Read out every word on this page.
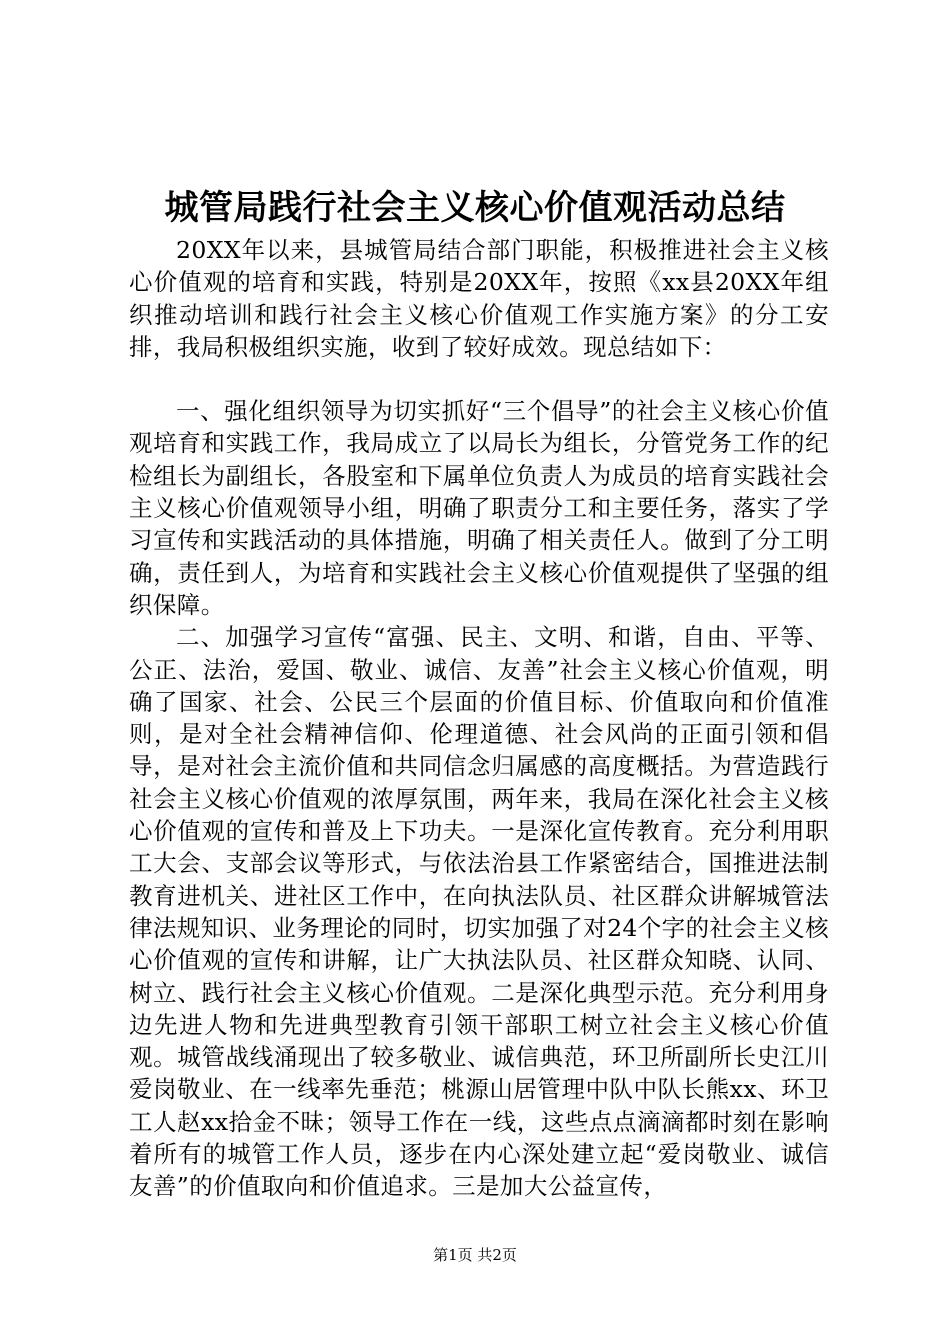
城管局践行社会主义核心价值观活动总结

20XX年以来，县城管局结合部门职能，积极推进社会主义核心价值观的培育和实践，特别是20XX年，按照《xx县20XX年组织推动培训和践行社会主义核心价值观工作实施方案》的分工安排，我局积极组织实施，收到了较好成效。现总结如下：

一、强化组织领导为切实抓好“三个倡导”的社会主义核心价值观培育和实践工作，我局成立了以局长为组长，分管党务工作的纪检组长为副组长，各股室和下属单位负责人为成员的培育实践社会主义核心价值观领导小组，明确了职责分工和主要任务，落实了学习宣传和实践活动的具体措施，明确了相关责任人。做到了分工明确，责任到人，为培育和实践社会主义核心价值观提供了坚强的组织保障。

二、加强学习宣传“富强、民主、文明、和谐，自由、平等、公正、法治，爱国、敬业、诚信、友善”社会主义核心价值观，明确了国家、社会、公民三个层面的价值目标、价值取向和价值准则，是对全社会精神信仰、伦理道德、社会风尚的正面引领和倡导，是对社会主流价值和共同信念归属感的高度概括。为营造践行社会主义核心价值观的浓厚氛围，两年来，我局在深化社会主义核心价值观的宣传和普及上下功夫。一是深化宣传教育。充分利用职工大会、支部会议等形式，与依法治县工作紧密结合，国推进法制教育进机关、进社区工作中，在向执法队员、社区群众讲解城管法律法规知识、业务理论的同时，切实加强了对24个字的社会主义核心价值观的宣传和讲解，让广大执法队员、社区群众知晓、认同、树立、践行社会主义核心价值观。二是深化典型示范。充分利用身边先进人物和先进典型教育引领干部职工树立社会主义核心价值观。城管战线涌现出了较多敬业、诚信典范，环卫所副所长史江川爱岗敬业、在一线率先垂范；桃源山居管理中队中队长熊xx、环卫工人赵xx拾金不昧；领导工作在一线，这些点点滴滴都时刻在影响着所有的城管工作人员，逐步在内心深处建立起“爱岗敬业、诚信友善”的价值取向和价值追求。三是加大公益宣传，

第1页 共2页
